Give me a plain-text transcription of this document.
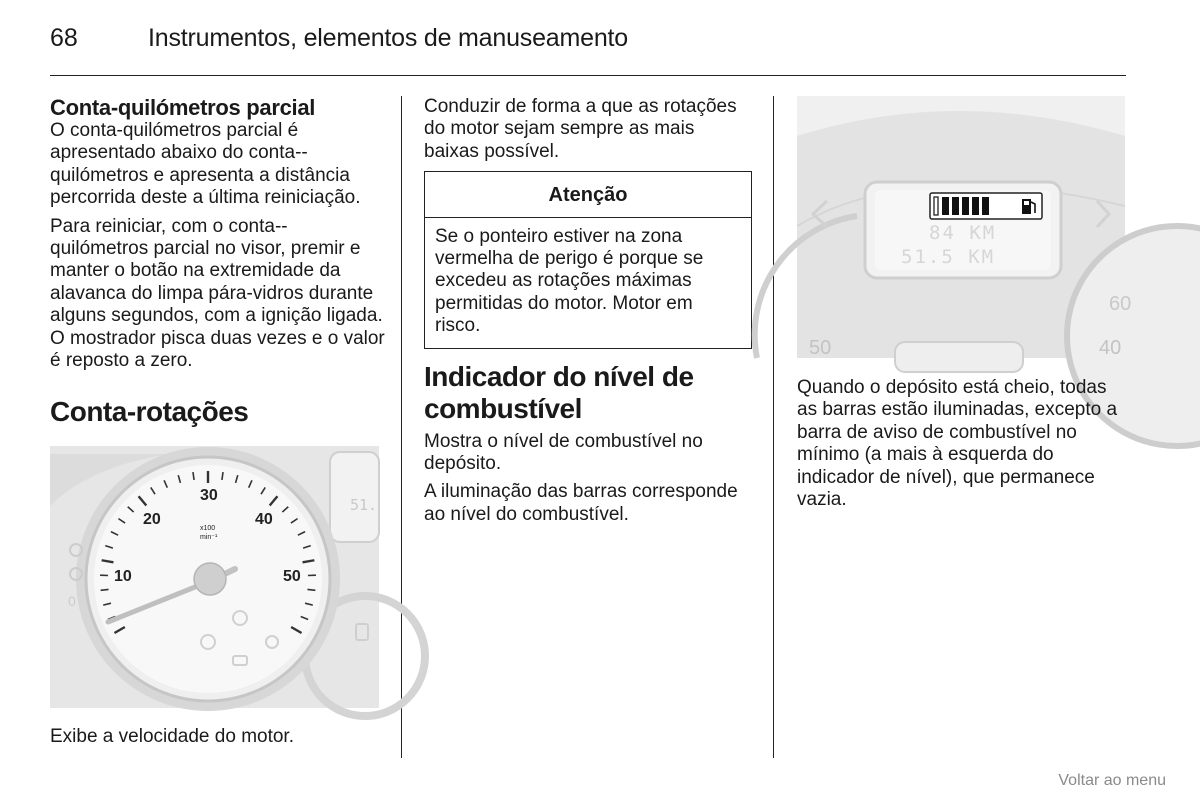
68	Instrumentos, elementos de manuseamento
Conta-quilómetros parcial

O conta-quilómetros parcial é apresentado abaixo do conta--quilómetros e apresenta a distância percorrida deste a última reiniciação.

Para reiniciar, com o conta--quilómetros parcial no visor, premir e manter o botão na extremidade da alavanca do limpa pára-vidros durante alguns segundos, com a ignição ligada. O mostrador pisca duas vezes e o valor é reposto a zero.

Conta-rotações
51.
10
20
30
40
50
x100
min⁻¹
0

Exibe a velocidade do motor.

Conduzir de forma a que as rotações do motor sejam sempre as mais baixas possível.

Atenção
Se o ponteiro estiver na zona vermelha de perigo é porque se excedeu as rotações máximas permitidas do motor. Motor em risco.
Indicador do nível de combustível

Mostra o nível de combustível no depósito.

A iluminação das barras corresponde ao nível do combustível.

50	40
60
84 KM
51.5 KM

Quando o depósito está cheio, todas as barras estão iluminadas, excepto a barra de aviso de combustível no mínimo (a mais à esquerda do indicador de nível), que permanece vazia.

Voltar ao menu
